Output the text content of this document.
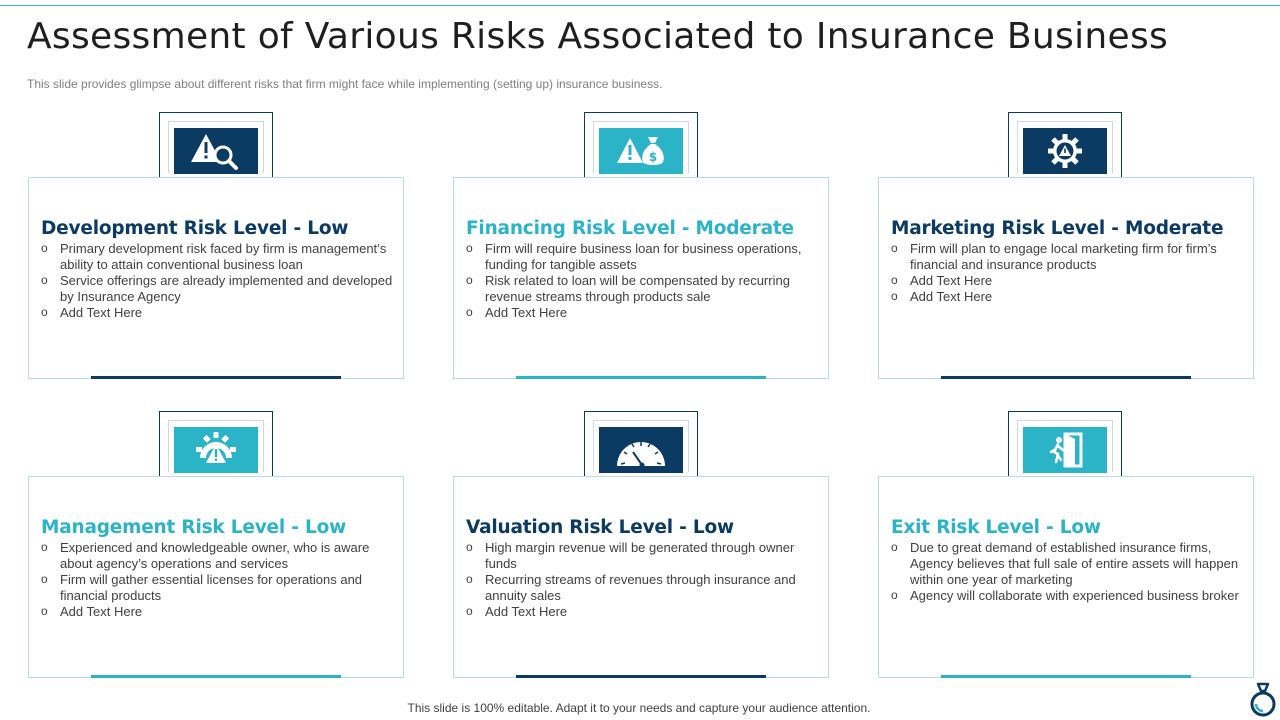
Assessment of Various Risks Associated to Insurance Business

This slide provides glimpse about different risks that firm might face while implementing (setting up) insurance business.

$
Development Risk Level - Low
o Primary development risk faced by firm is management’s ability to attain conventional business loan
o Service offerings are already implemented and developed by Insurance Agency
o Add Text Here
Financing Risk Level - Moderate
o Firm will require business loan for business operations, funding for tangible assets
o Risk related to loan will be compensated by recurring revenue streams through products sale
o Add Text Here
Marketing Risk Level - Moderate
o Firm will plan to engage local marketing firm for firm’s financial and insurance products
o Add Text Here
o Add Text Here
Management Risk Level - Low
o Experienced and knowledgeable owner, who is aware about agency’s operations and services
o Firm will gather essential licenses for operations and financial products
o Add Text Here
Valuation Risk Level - Low
o High margin revenue will be generated through owner funds
o Recurring streams of revenues through insurance and annuity sales
o Add Text Here
Exit Risk Level - Low
o Due to great demand of established insurance firms, Agency believes that full sale of entire assets will happen within one year of marketing
o Agency will collaborate with experienced business broker

This slide is 100% editable. Adapt it to your needs and capture your audience attention.
